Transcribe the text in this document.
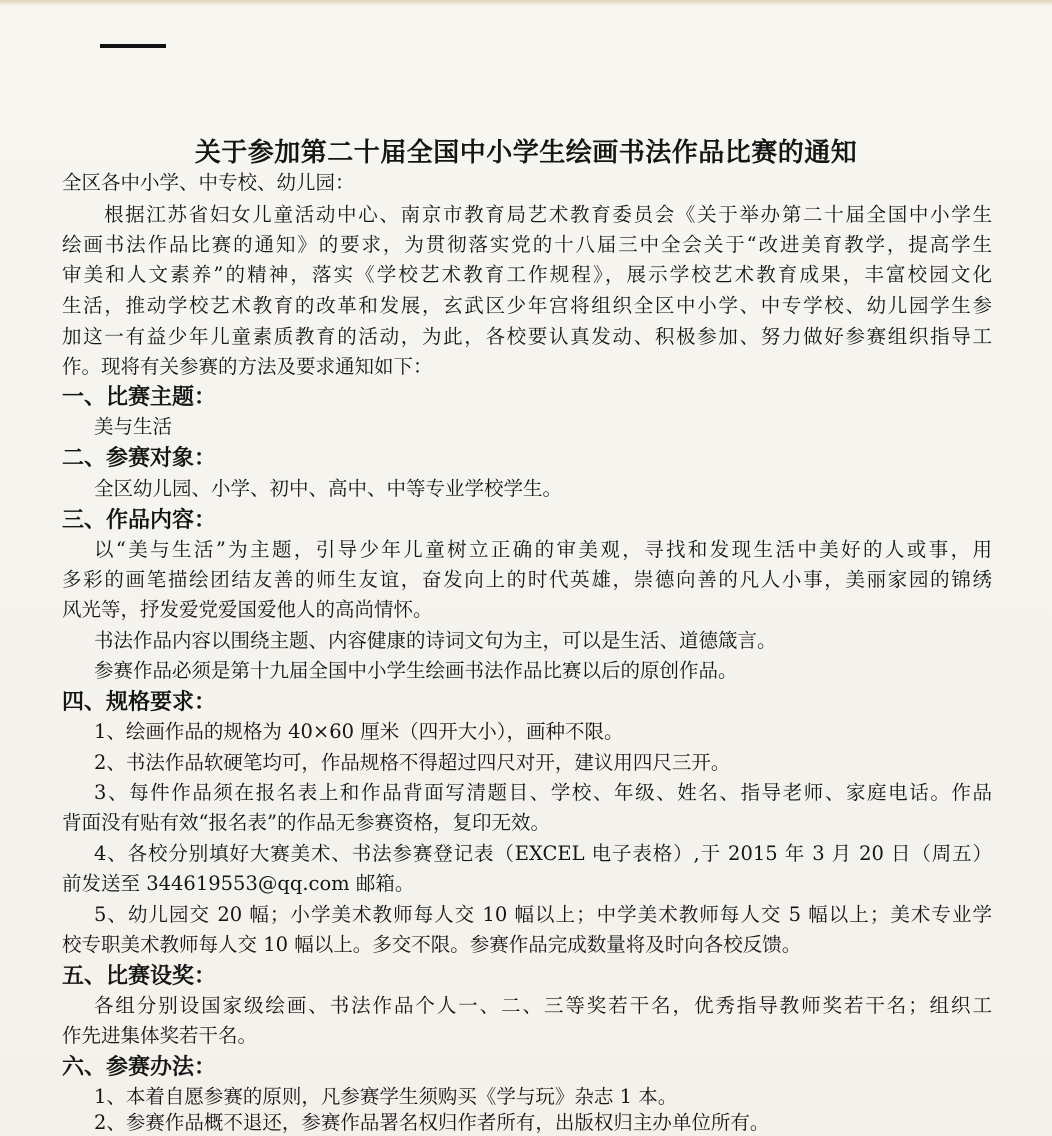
关于参加第二十届全国中小学生绘画书法作品比赛的通知
全区各中小学、中专校、幼儿园：
根据江苏省妇女儿童活动中心、南京市教育局艺术教育委员会《关于举办第二十届全国中小学生
绘画书法作品比赛的通知》的要求，为贯彻落实党的十八届三中全会关于“改进美育教学，提高学生
审美和人文素养”的精神，落实《学校艺术教育工作规程》，展示学校艺术教育成果，丰富校园文化
生活，推动学校艺术教育的改革和发展，玄武区少年宫将组织全区中小学、中专学校、幼儿园学生参
加这一有益少年儿童素质教育的活动，为此，各校要认真发动、积极参加、努力做好参赛组织指导工
作。现将有关参赛的方法及要求通知如下：
一、比赛主题：
美与生活
二、参赛对象：
全区幼儿园、小学、初中、高中、中等专业学校学生。
三、作品内容：
以“美与生活”为主题，引导少年儿童树立正确的审美观，寻找和发现生活中美好的人或事，用
多彩的画笔描绘团结友善的师生友谊，奋发向上的时代英雄，崇德向善的凡人小事，美丽家园的锦绣
风光等，抒发爱党爱国爱他人的高尚情怀。
书法作品内容以围绕主题、内容健康的诗词文句为主，可以是生活、道德箴言。
参赛作品必须是第十九届全国中小学生绘画书法作品比赛以后的原创作品。
四、规格要求：
1、绘画作品的规格为 40×60 厘米（四开大小），画种不限。
2、书法作品软硬笔均可，作品规格不得超过四尺对开，建议用四尺三开。
3、每件作品须在报名表上和作品背面写清题目、学校、年级、姓名、指导老师、家庭电话。作品
背面没有贴有效“报名表”的作品无参赛资格，复印无效。
4、各校分别填好大赛美术、书法参赛登记表（EXCEL 电子表格）,于 2015 年 3 月 20 日（周五）
前发送至 344619553@qq.com 邮箱。
5、幼儿园交 20 幅；小学美术教师每人交 10 幅以上；中学美术教师每人交 5 幅以上；美术专业学
校专职美术教师每人交 10 幅以上。多交不限。参赛作品完成数量将及时向各校反馈。
五、比赛设奖：
各组分别设国家级绘画、书法作品个人一、二、三等奖若干名，优秀指导教师奖若干名；组织工
作先进集体奖若干名。
六、参赛办法：
1、本着自愿参赛的原则，凡参赛学生须购买《学与玩》杂志 1 本。
2、参赛作品概不退还，参赛作品署名权归作者所有，出版权归主办单位所有。
